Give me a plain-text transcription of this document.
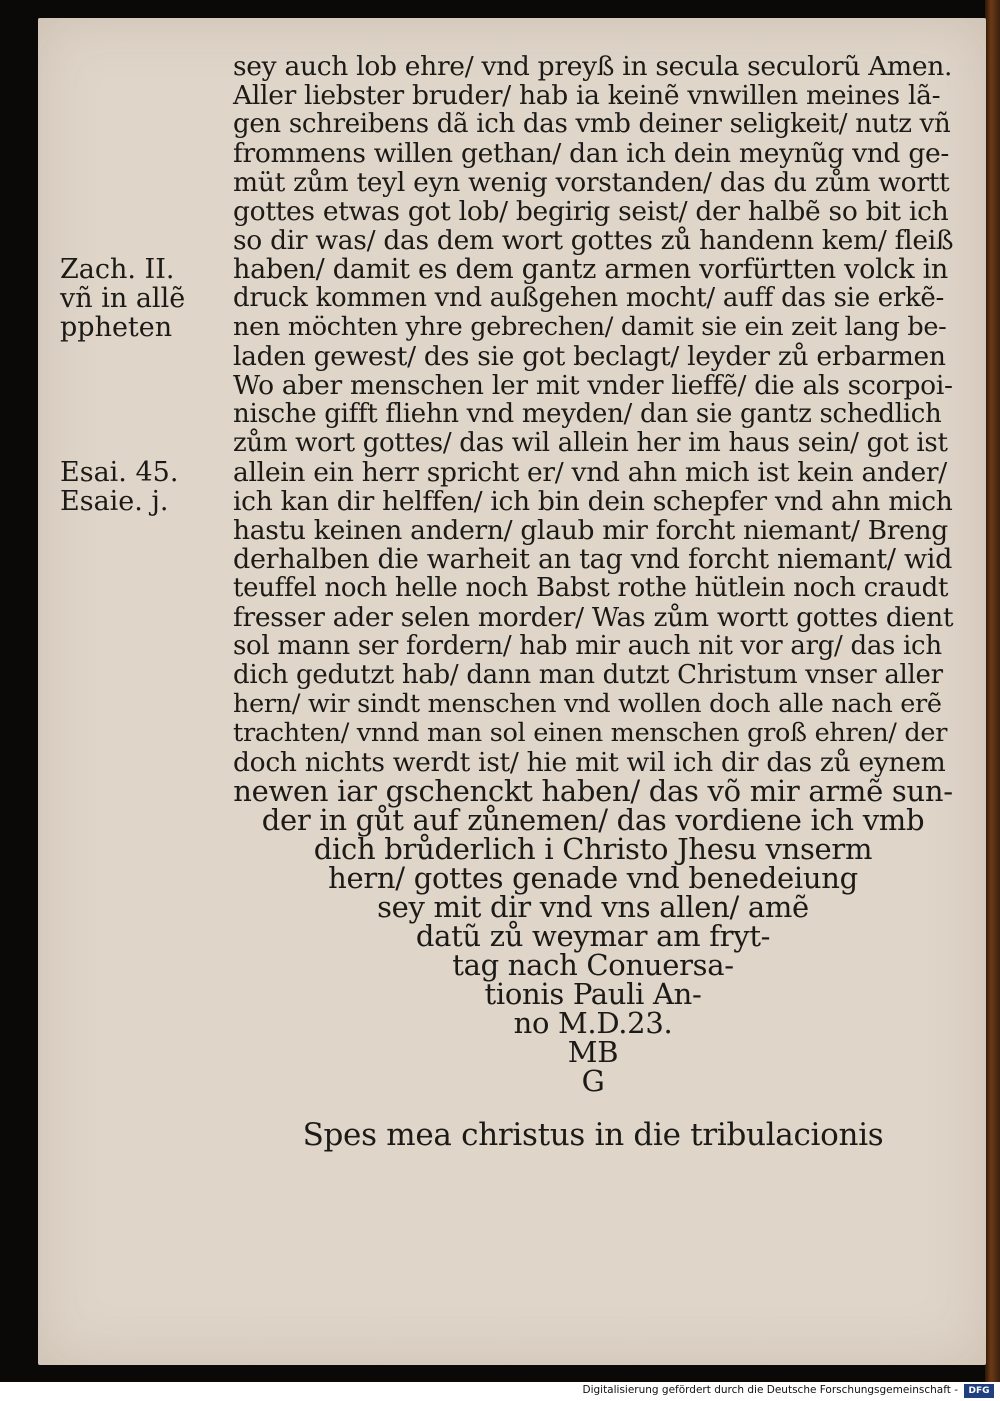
sey auch lob ehre/ vnd preyß in secula seculorũ Amen.
Aller liebster bruder/ hab ia keinẽ vnwillen meines lã-
gen schreibens dã ich das vmb deiner seligkeit/ nutz vñ
frommens willen gethan/ dan ich dein meynũg vnd ge-
müt zům teyl eyn wenig vorstanden/ das du zům wortt
gottes etwas got lob/ begirig seist/ der halbẽ so bit ich
so dir was/ das dem wort gottes zů handenn kem/ fleiß
haben/ damit es dem gantz armen vorfürtten volck in
druck kommen vnd außgehen mocht/ auff das sie erkẽ-
nen möchten yhre gebrechen/ damit sie ein zeit lang be-
laden gewest/ des sie got beclagt/ leyder zů erbarmen
Wo aber menschen ler mit vnder lieffẽ/ die als scorpoi-
nische gifft fliehn vnd meyden/ dan sie gantz schedlich
zům wort gottes/ das wil allein her im haus sein/ got ist
allein ein herr spricht er/ vnd ahn mich ist kein ander/
ich kan dir helffen/ ich bin dein schepfer vnd ahn mich
hastu keinen andern/ glaub mir forcht niemant/ Breng
derhalben die warheit an tag vnd forcht niemant/ wid
teuffel noch helle noch Babst rothe hütlein noch craudt
fresser ader selen morder/ Was zům wortt gottes dient
sol mann ser fordern/ hab mir auch nit vor arg/ das ich
dich gedutzt hab/ dann man dutzt Christum vnser aller
hern/ wir sindt menschen vnd wollen doch alle nach erẽ
trachten/ vnnd man sol einen menschen groß ehren/ der
doch nichts werdt ist/ hie mit wil ich dir das zů eynem
newen iar gschenckt haben/ das võ mir armẽ sun-
der in gůt auf zůnemen/ das vordiene ich vmb
dich brůderlich i Christo Jhesu vnserm
hern/ gottes genade vnd benedeiung
sey mit dir vnd vns allen/ amẽ
datũ zů weymar am fryt-
tag nach Conuersa-
tionis Pauli An-
no M.D.23.
MB
G
Spes mea christus in die tribulacionis
Zach. II.
vñ in allẽ
ppheten
Esai. 45.
Esaie. j.
Digitalisierung gefördert durch die Deutsche Forschungsgemeinschaft -	DFG
